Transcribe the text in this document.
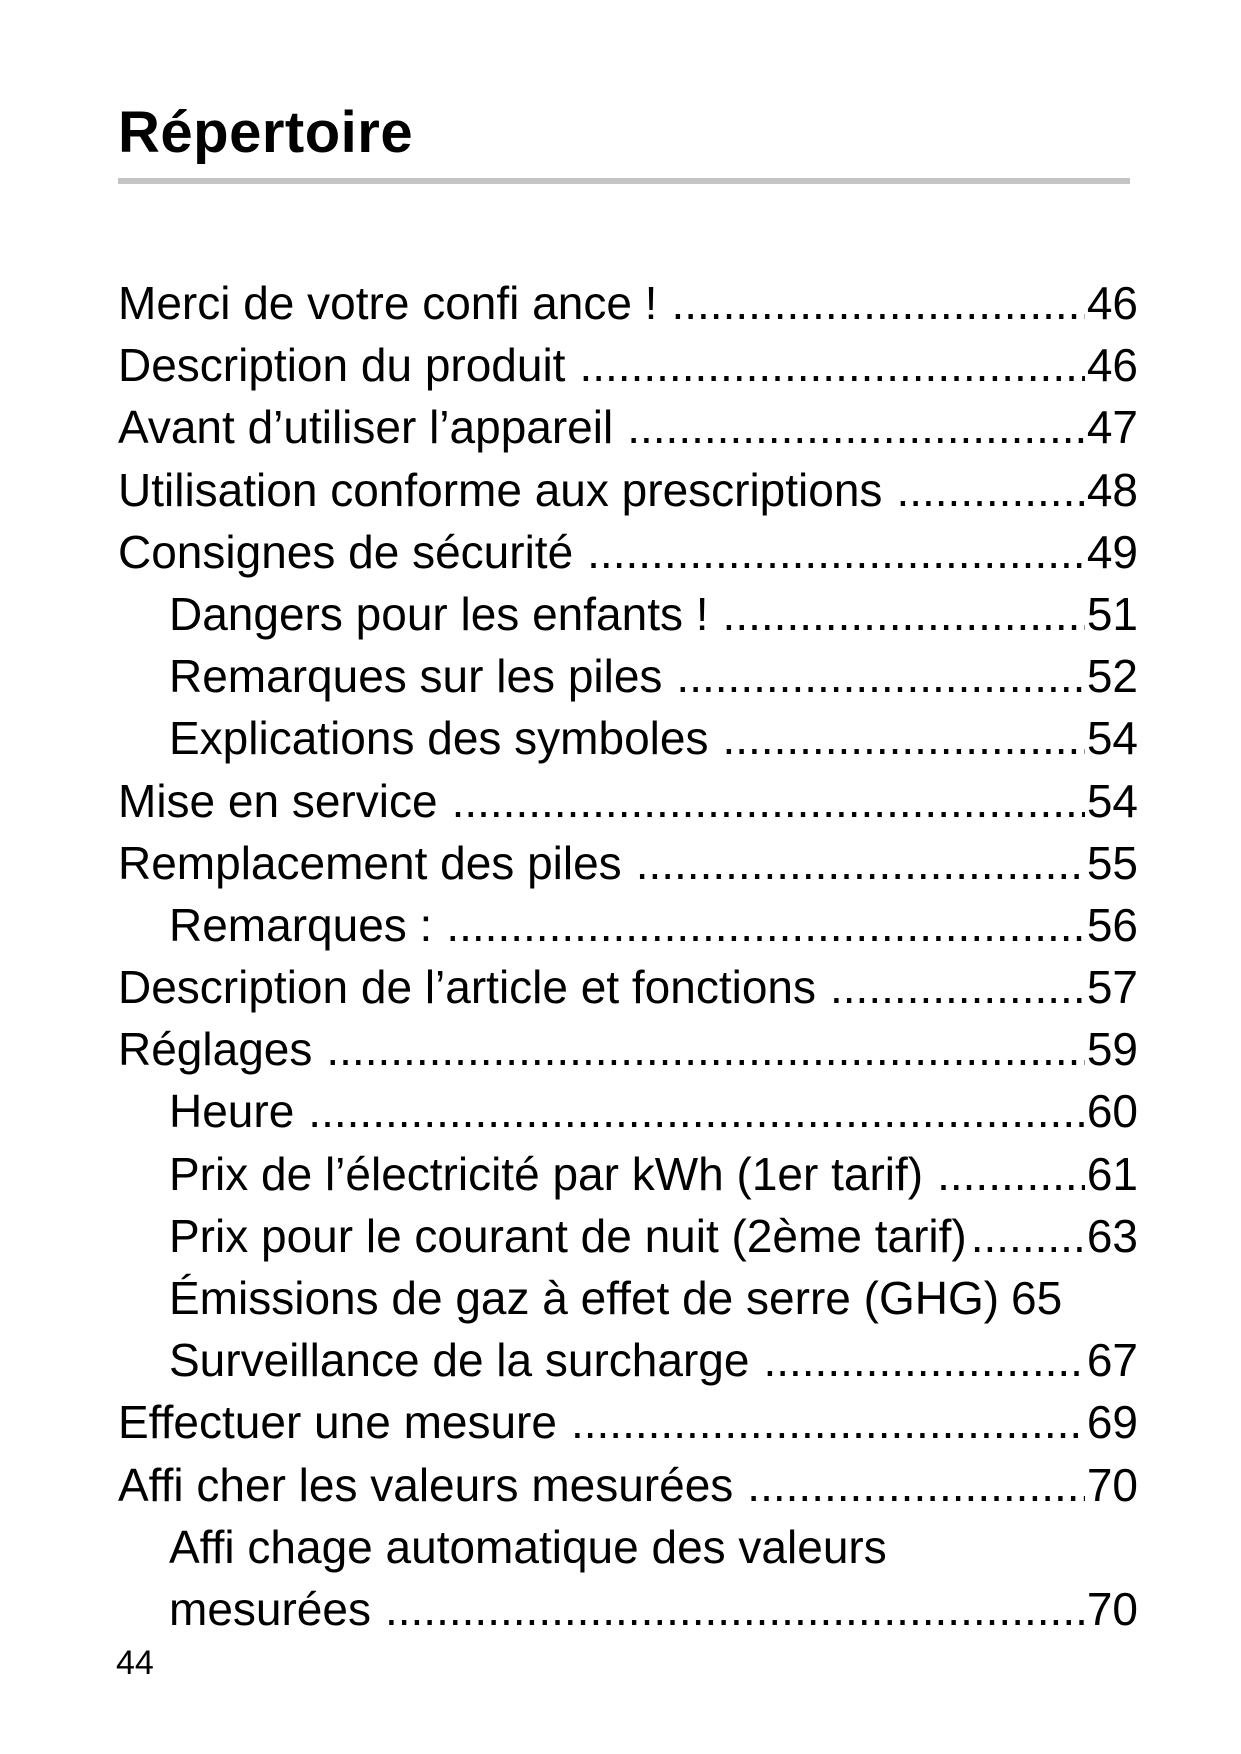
Répertoire
Merci de votre confi ance ! .....	46
Description du produit .....	46
Avant d’utiliser l’appareil .....	47
Utilisation conforme aux prescriptions .....	48
Consignes de sécurité .....	49
Dangers pour les enfants ! .....	51
Remarques sur les piles .....	52
Explications des symboles .....	54
Mise en service .....	54
Remplacement des piles .....	55
Remarques : .....	56
Description de l’article et fonctions .....	57
Réglages .....	59
Heure .....	60
Prix de l’électricité par kWh (1er tarif) .....	61
Prix pour le courant de nuit (2ème tarif) .....	63
Émissions de gaz à effet de serre (GHG) 65
Surveillance de la surcharge .....	67
Effectuer une mesure .....	69
Affi cher les valeurs mesurées .....	70
Affi chage automatique des valeurs
mesurées .....	70
44
